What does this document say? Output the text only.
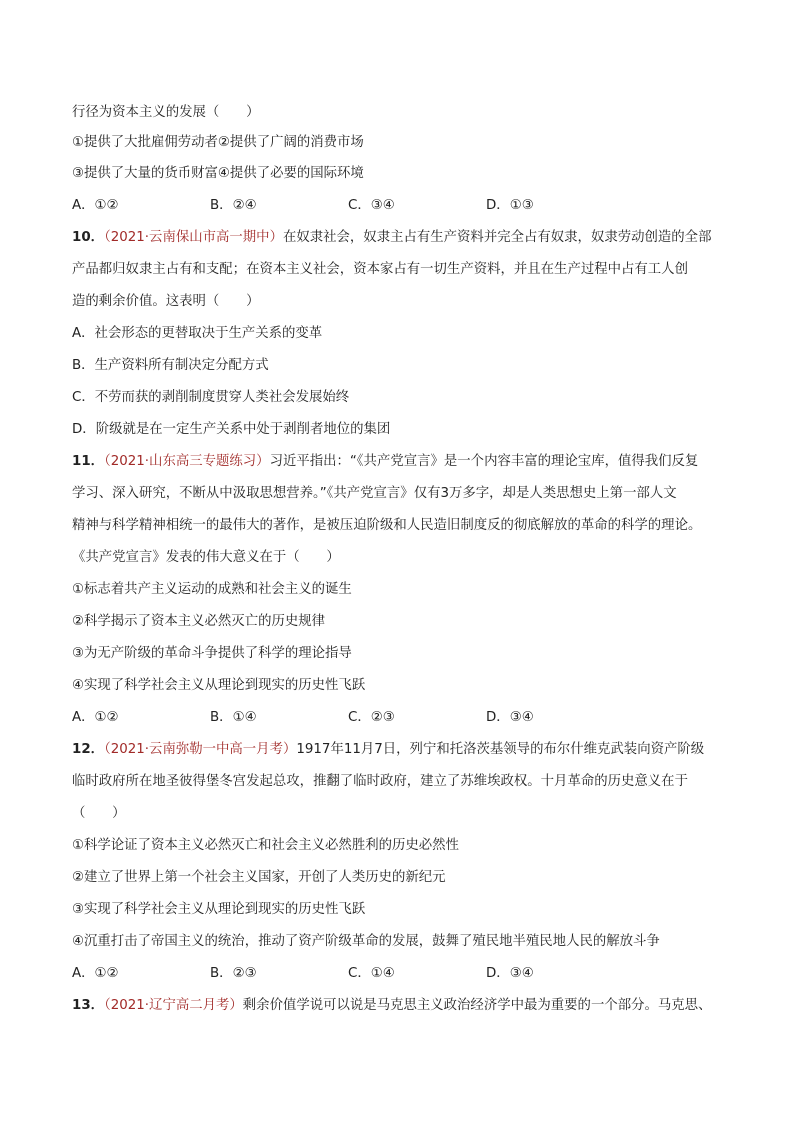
行径为资本主义的发展（　　）
①提供了大批雇佣劳动者②提供了广阔的消费市场
③提供了大量的货币财富④提供了必要的国际环境
A．①②	B．②④	C．③④	D．①③
10．（2021·云南保山市高一期中）在奴隶社会，奴隶主占有生产资料并完全占有奴隶，奴隶劳动创造的全部
产品都归奴隶主占有和支配；在资本主义社会，资本家占有一切生产资料，并且在生产过程中占有工人创
造的剩余价值。这表明（　　）
A．社会形态的更替取决于生产关系的变革
B．生产资料所有制决定分配方式
C．不劳而获的剥削制度贯穿人类社会发展始终
D．阶级就是在一定生产关系中处于剥削者地位的集团
11．（2021·山东高三专题练习）习近平指出：“《共产党宣言》是一个内容丰富的理论宝库，值得我们反复
学习、深入研究，不断从中汲取思想营养。”《共产党宣言》仅有3万多字，却是人类思想史上第一部人文
精神与科学精神相统一的最伟大的著作，是被压迫阶级和人民造旧制度反的彻底解放的革命的科学的理论。
《共产党宣言》发表的伟大意义在于（　　）
①标志着共产主义运动的成熟和社会主义的诞生
②科学揭示了资本主义必然灭亡的历史规律
③为无产阶级的革命斗争提供了科学的理论指导
④实现了科学社会主义从理论到现实的历史性飞跃
A．①②	B．①④	C．②③	D．③④
12．（2021·云南弥勒一中高一月考）1917年11月7日，列宁和托洛茨基领导的布尔什维克武装向资产阶级
临时政府所在地圣彼得堡冬宫发起总攻，推翻了临时政府，建立了苏维埃政权。十月革命的历史意义在于
（　　）
①科学论证了资本主义必然灭亡和社会主义必然胜利的历史必然性
②建立了世界上第一个社会主义国家，开创了人类历史的新纪元
③实现了科学社会主义从理论到现实的历史性飞跃
④沉重打击了帝国主义的统治，推动了资产阶级革命的发展，鼓舞了殖民地半殖民地人民的解放斗争
A．①②	B．②③	C．①④	D．③④
13．（2021·辽宁高二月考）剩余价值学说可以说是马克思主义政治经济学中最为重要的一个部分。马克思、
